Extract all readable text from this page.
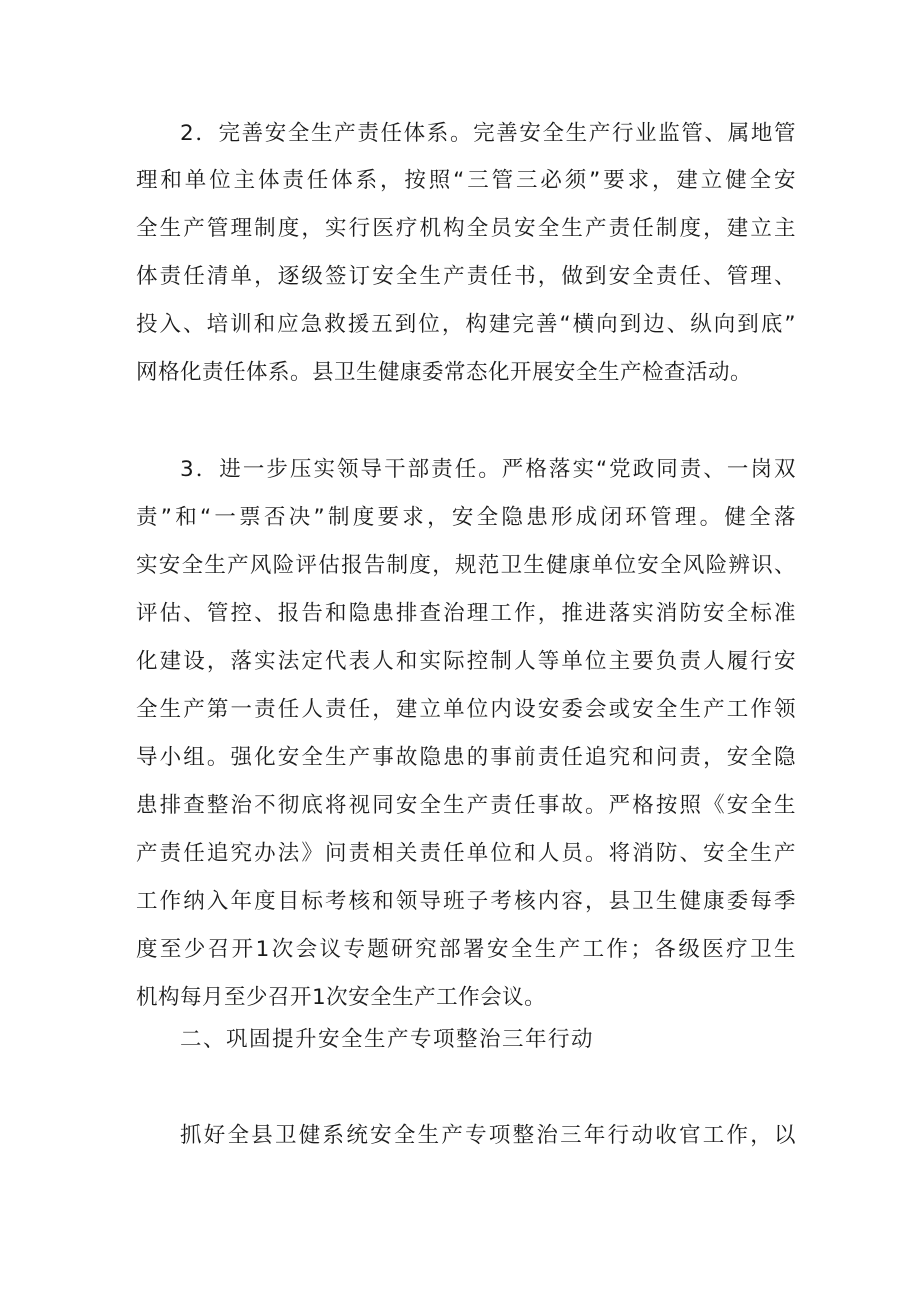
2．完善安全生产责任体系。完善安全生产行业监管、属地管
理和单位主体责任体系，按照“三管三必须”要求，建立健全安
全生产管理制度，实行医疗机构全员安全生产责任制度，建立主
体责任清单，逐级签订安全生产责任书，做到安全责任、管理、
投入、培训和应急救援五到位，构建完善“横向到边、纵向到底”
网格化责任体系。县卫生健康委常态化开展安全生产检查活动。
3．进一步压实领导干部责任。严格落实“党政同责、一岗双
责”和“一票否决”制度要求，安全隐患形成闭环管理。健全落
实安全生产风险评估报告制度，规范卫生健康单位安全风险辨识、
评估、管控、报告和隐患排查治理工作，推进落实消防安全标准
化建设，落实法定代表人和实际控制人等单位主要负责人履行安
全生产第一责任人责任，建立单位内设安委会或安全生产工作领
导小组。强化安全生产事故隐患的事前责任追究和问责，安全隐
患排查整治不彻底将视同安全生产责任事故。严格按照《安全生
产责任追究办法》问责相关责任单位和人员。将消防、安全生产
工作纳入年度目标考核和领导班子考核内容，县卫生健康委每季
度至少召开1次会议专题研究部署安全生产工作；各级医疗卫生
机构每月至少召开1次安全生产工作会议。
二、巩固提升安全生产专项整治三年行动
抓好全县卫健系统安全生产专项整治三年行动收官工作，以
